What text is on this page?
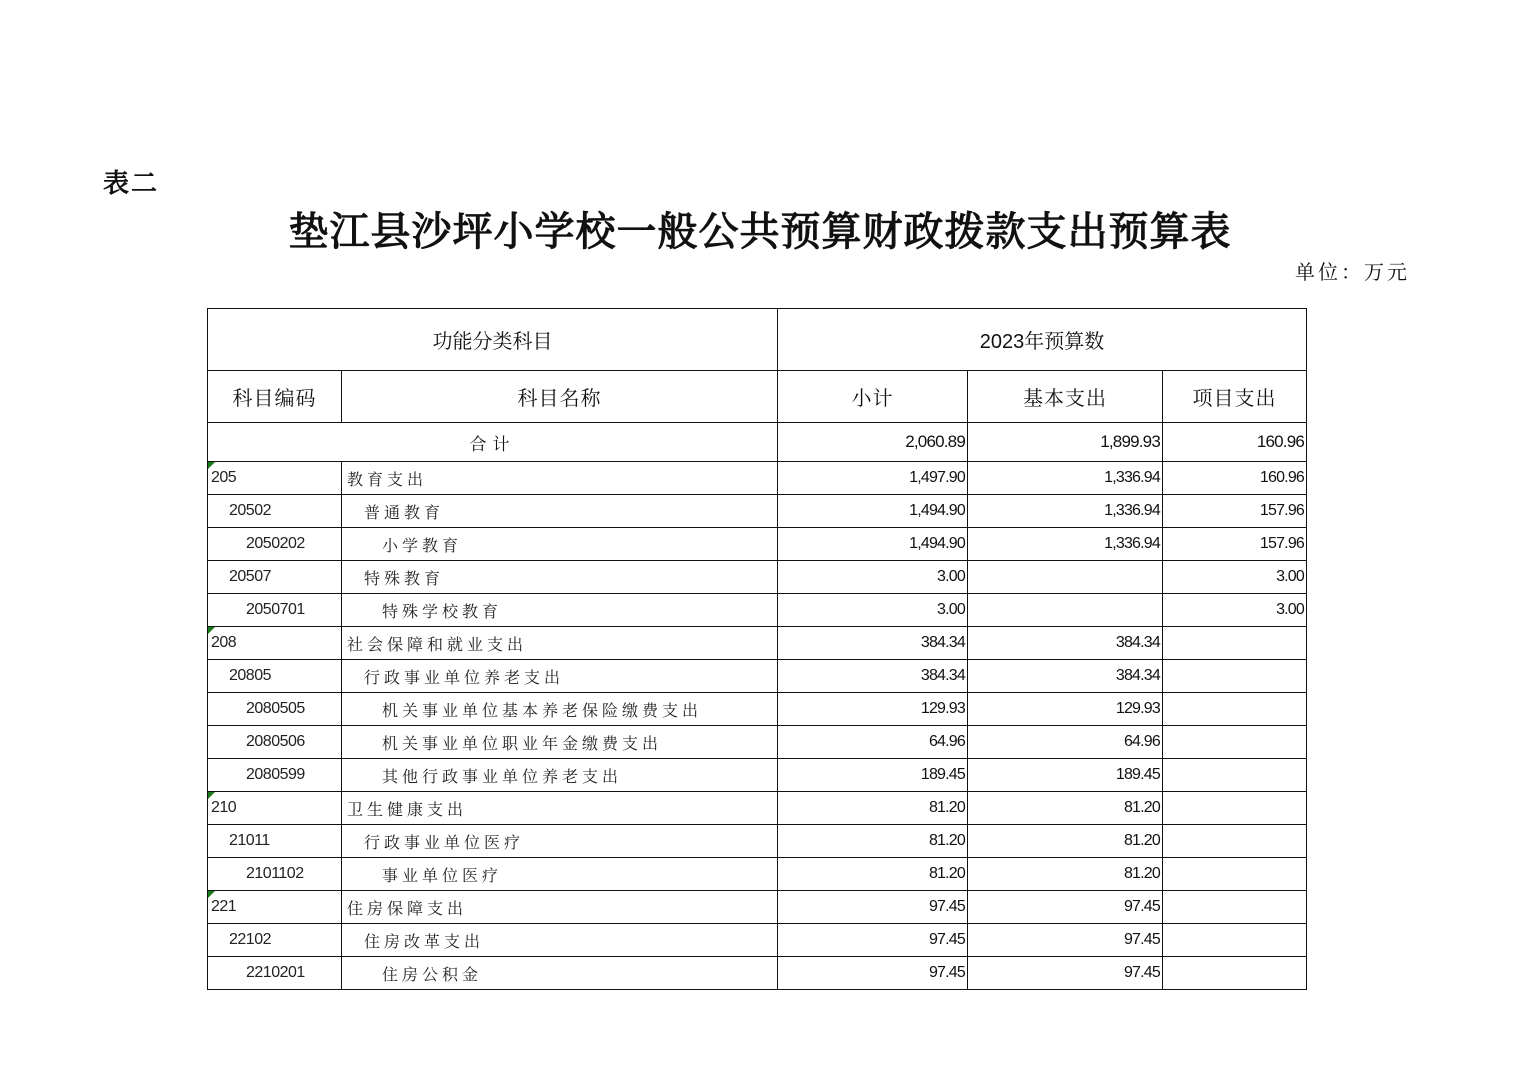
表二
垫江县沙坪小学校一般公共预算财政拨款支出预算表
单位：万元
功能分类科目		2023年预算数		
科目编码	科目名称	小计	基本支出	项目支出
合计		2,060.89	1,899.93	160.96
205	教育支出	1,497.90	1,336.94	160.96
20502	普通教育	1,494.90	1,336.94	157.96
2050202	小学教育	1,494.90	1,336.94	157.96
20507	特殊教育	3.00		3.00
2050701	特殊学校教育	3.00		3.00
208	社会保障和就业支出	384.34	384.34	
20805	行政事业单位养老支出	384.34	384.34	
2080505	机关事业单位基本养老保险缴费支出	129.93	129.93	
2080506	机关事业单位职业年金缴费支出	64.96	64.96	
2080599	其他行政事业单位养老支出	189.45	189.45	
210	卫生健康支出	81.20	81.20	
21011	行政事业单位医疗	81.20	81.20	
2101102	事业单位医疗	81.20	81.20	
221	住房保障支出	97.45	97.45	
22102	住房改革支出	97.45	97.45	
2210201	住房公积金	97.45	97.45	
